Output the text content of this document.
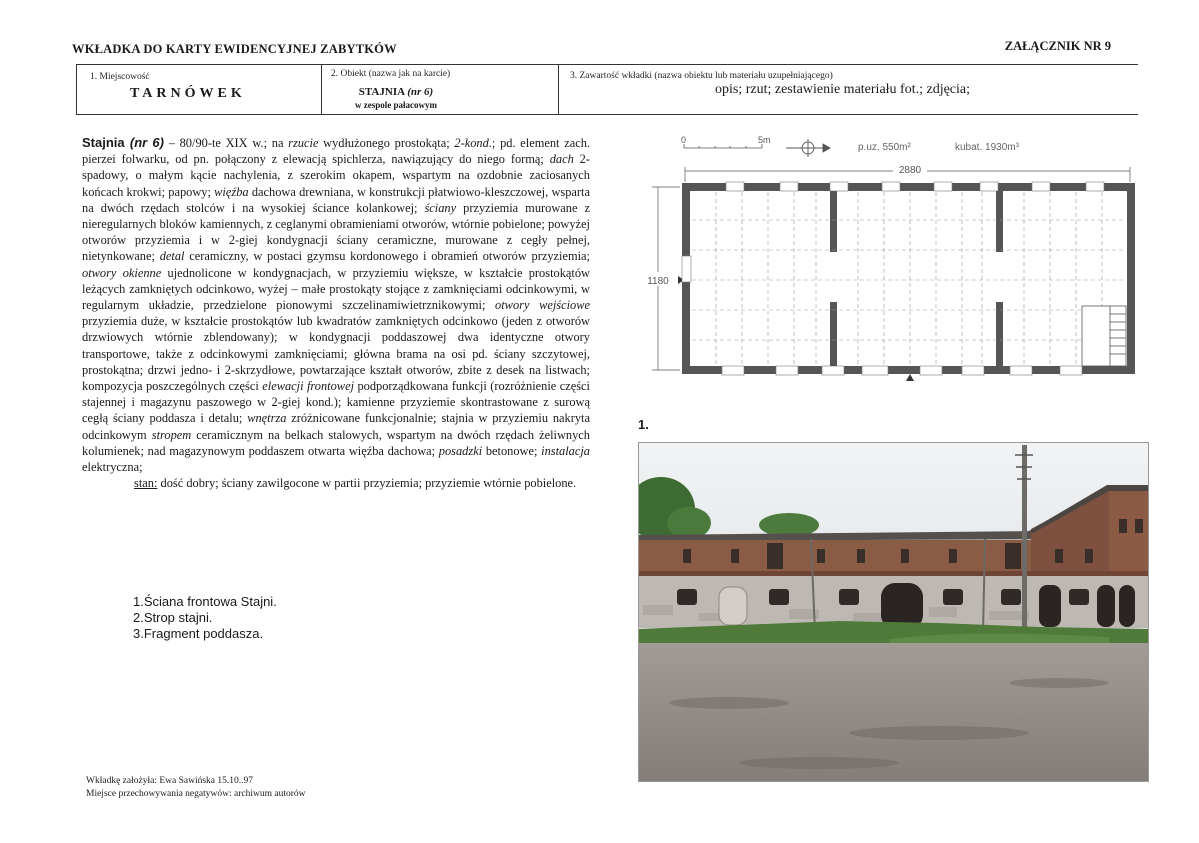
WKŁADKA DO KARTY EWIDENCYJNEJ ZABYTKÓW	ZAŁĄCZNIK NR 9
1. Miejscowość
TARNÓWEK
2. Obiekt (nazwa jak na karcie)
STAJNIA (nr 6)
w zespole pałacowym
3. Zawartość wkładki (nazwa obiektu lub materiału uzupełniającego)
opis; rzut; zestawienie materiału fot.; zdjęcia;

Stajnia (nr 6) – 80/90-te XIX w.; na rzucie wydłużonego prostokąta; 2-kond.; pd. element zach. pierzei folwarku, od pn. połączony z elewacją spichlerza, nawiązujący do niego formą; dach 2-spadowy, o małym kącie nachylenia, z szerokim okapem, wspartym na ozdobnie zaciosanych końcach krokwi; papowy; więźba dachowa drewniana, w konstrukcji płatwiowo-kleszczowej, wsparta na dwóch rzędach stolców i na wysokiej ściance kolankowej; ściany przyziemia murowane z nieregularnych bloków kamiennych, z ceglanymi obramieniami otworów, wtórnie pobielone; powyżej otworów przyziemia i w 2-giej kondygnacji ściany ceramiczne, murowane z cegły pełnej, nietynkowane; detal ceramiczny, w postaci gzymsu kordonowego i obramień otworów przyziemia; otwory okienne ujednolicone w kondygnacjach, w przyziemiu większe, w kształcie prostokątów leżących zamkniętych odcinkowo, wyżej – małe prostokąty stojące z zamknięciami odcinkowymi, w regularnym układzie, przedzielone pionowymi szczelinamiwietrznikowymi; otwory wejściowe przyziemia duże, w kształcie prostokątów lub kwadratów zamkniętych odcinkowo (jeden z otworów drzwiowych wtórnie zblendowany); w kondygnacji poddaszowej dwa identyczne otwory transportowe, także z odcinkowymi zamknięciami; główna brama na osi pd. ściany szczytowej, prostokątna; drzwi jedno- i 2-skrzydłowe, powtarzające kształt otworów, zbite z desek na listwach; kompozycja poszczególnych części elewacji frontowej podporządkowana funkcji (rozróżnienie części stajennej i magazynu paszowego w 2-giej kond.); kamienne przyziemie skontrastowane z surową cegłą ściany poddasza i detalu; wnętrza zróżnicowane funkcjonalnie; stajnia w przyziemiu nakryta odcinkowym stropem ceramicznym na belkach stalowych, wspartym na dwóch rzędach żeliwnych kolumienek; nad magazynowym poddaszem otwarta więźba dachowa; posadzki betonowe; instalacja elektryczna;

stan: dość dobry; ściany zawilgocone w partii przyziemia; przyziemie wtórnie pobielone.

1.Ściana frontowa Stajni.
2.Strop stajni.
3.Fragment poddasza.
Wkładkę założyła: Ewa Sawińska 15.10..97
Miejsce przechowywania negatywów: archiwum autorów
0	5m
p.uz. 550m²	kubat. 1930m³
2880
1180
1.
